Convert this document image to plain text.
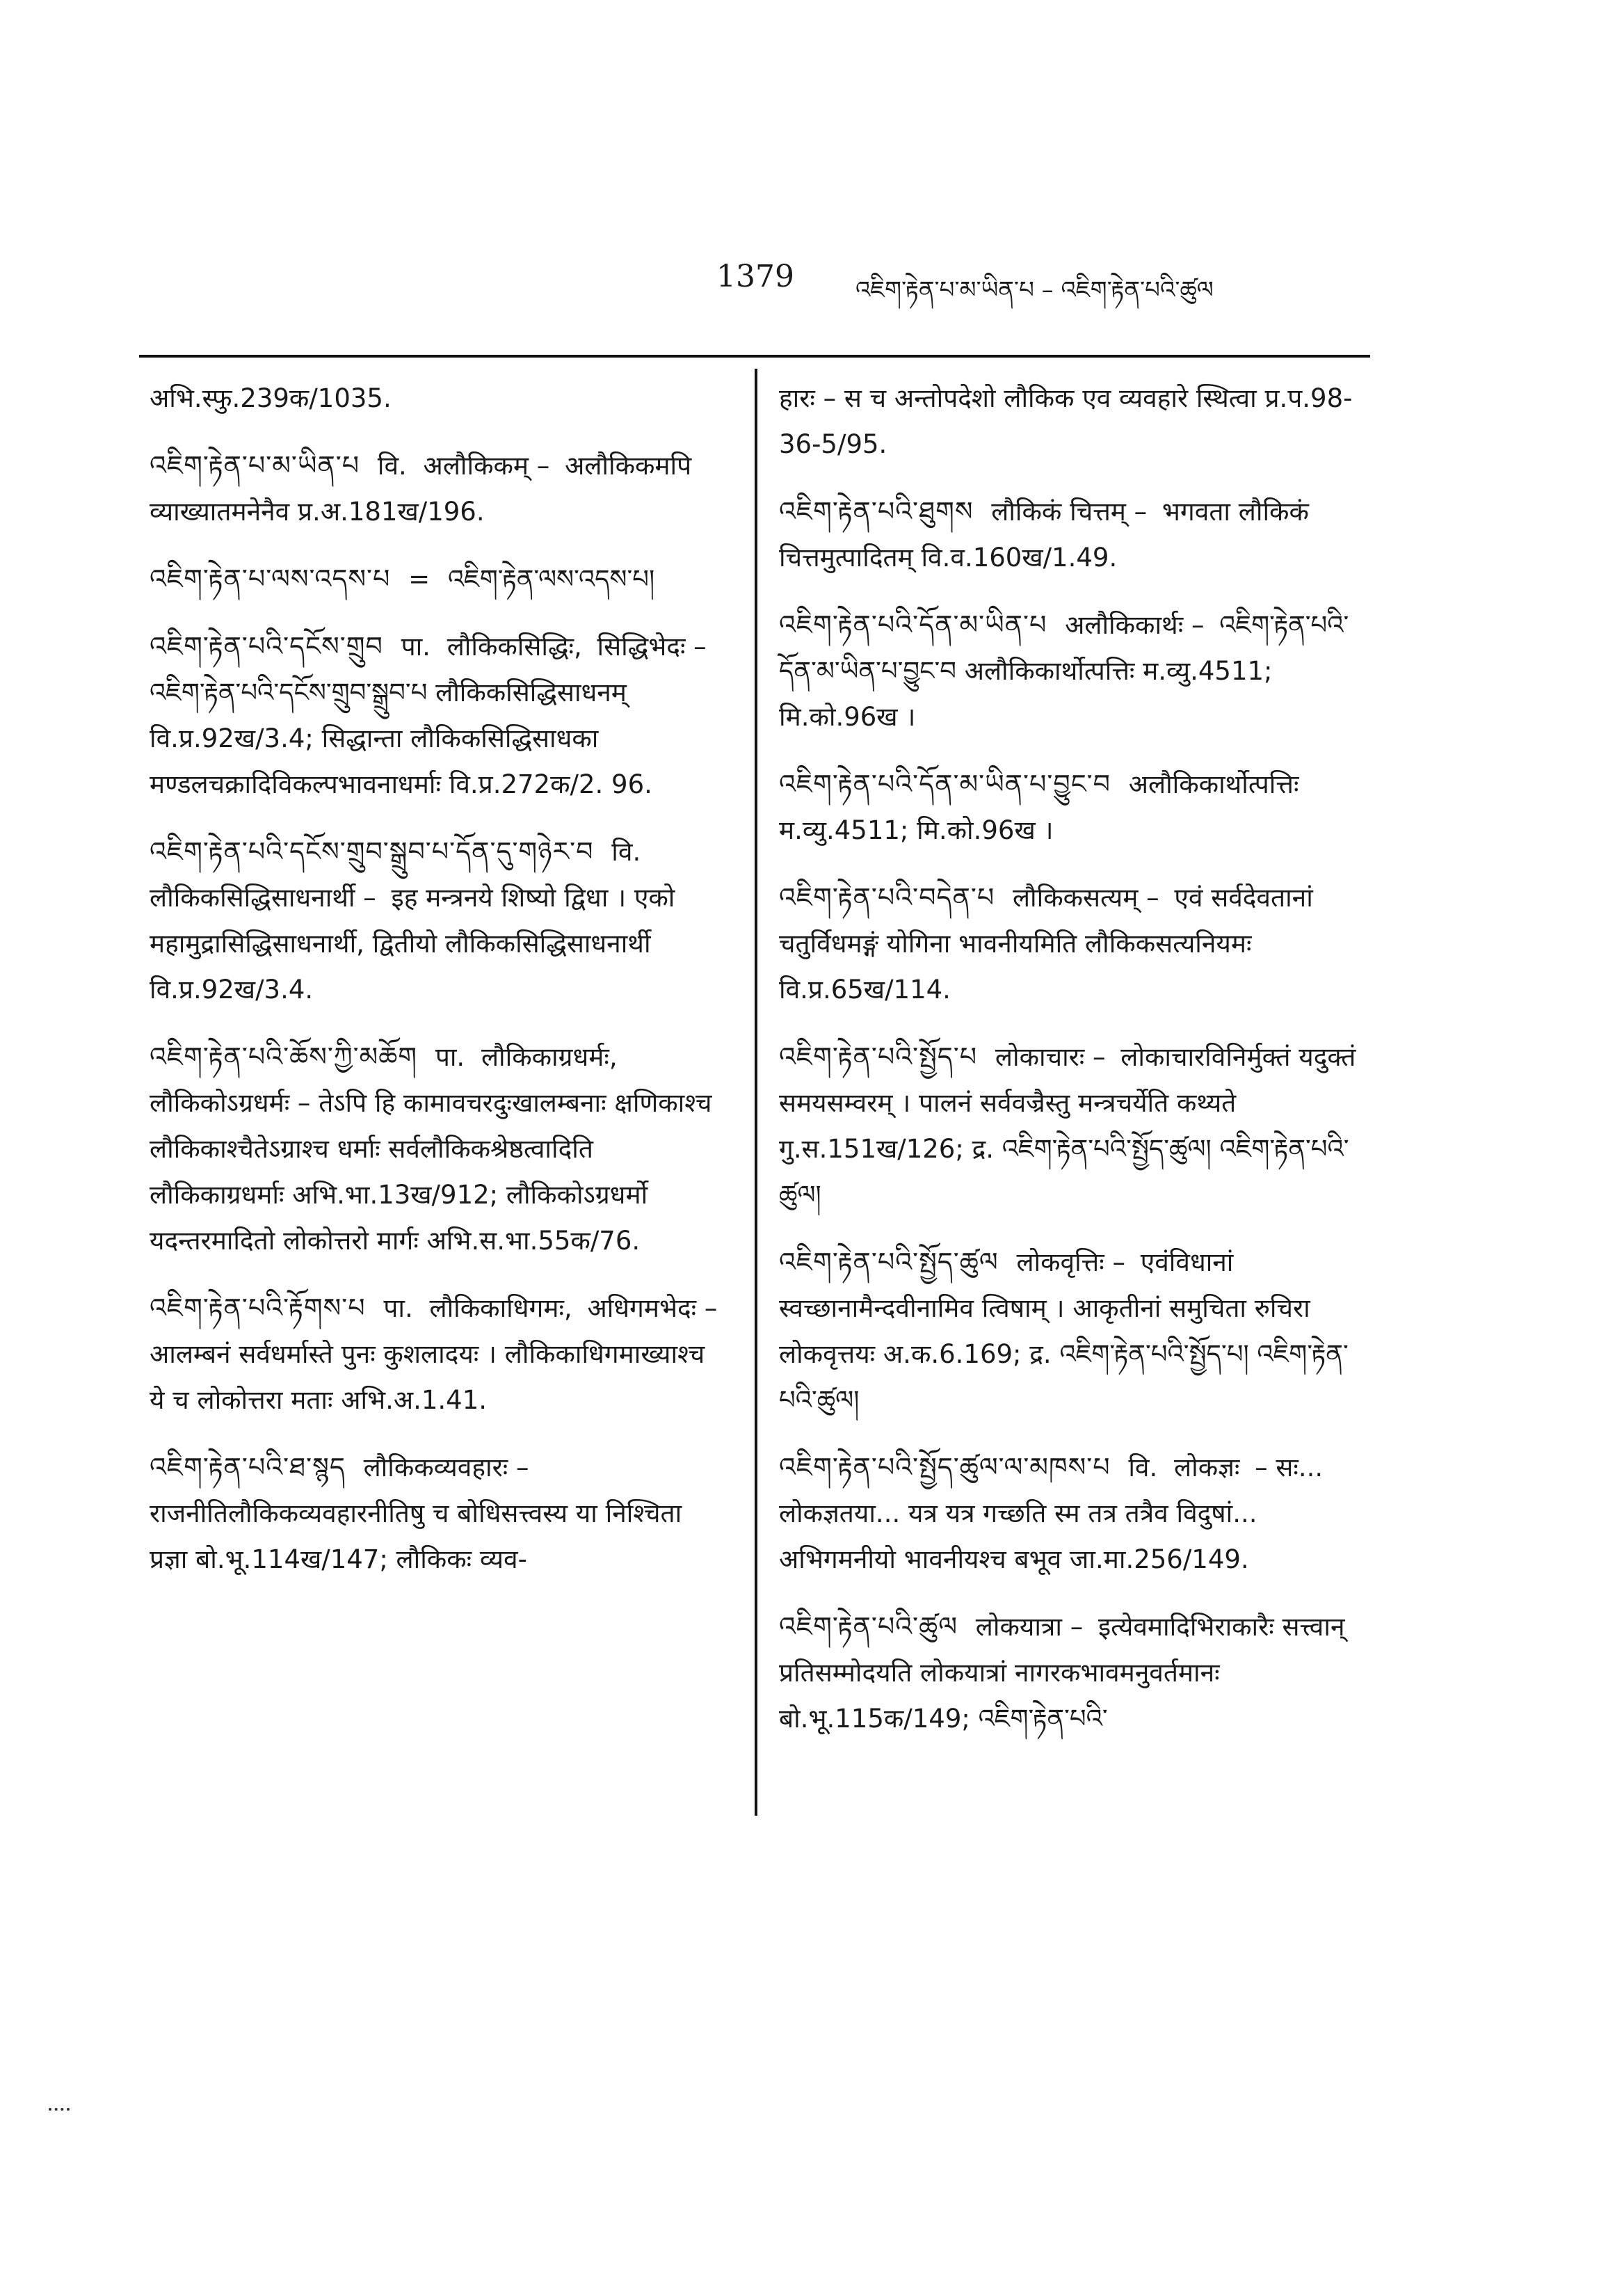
1379	འཇིག་རྟེན་པ་མ་ཡིན་པ – འཇིག་རྟེན་པའི་ཚུལ
अभि.स्फु.239क/1035.
འཇིག་རྟེན་པ་མ་ཡིན་པ वि. अलौकिकम् – अलौकिकमपि व्याख्यातमनेनैव प्र.अ.181ख/196.
འཇིག་རྟེན་པ་ལས་འདས་པ = འཇིག་རྟེན་ལས་འདས་པ།
འཇིག་རྟེན་པའི་དངོས་གྲུབ पा. लौकिकसिद्धिः, सिद्धिभेदः – འཇིག་རྟེན་པའི་དངོས་གྲུབ་སྒྲུབ་པ लौकिकसिद्धिसाधनम् वि.प्र.92ख/3.4; सिद्धान्ता लौकिकसिद्धिसाधका मण्डलचक्रादिविकल्पभावनाधर्माः वि.प्र.272क/2. 96.
འཇིག་རྟེན་པའི་དངོས་གྲུབ་སྒྲུབ་པ་དོན་དུ་གཉེར་བ वि. लौकिकसिद्धिसाधनार्थी – इह मन्त्रनये शिष्यो द्विधा । एको महामुद्रासिद्धिसाधनार्थी, द्वितीयो लौकिकसिद्धिसाधनार्थी वि.प्र.92ख/3.4.
འཇིག་རྟེན་པའི་ཆོས་ཀྱི་མཆོག पा. लौकिकाग्रधर्मः, लौकिकोऽग्रधर्मः – तेऽपि हि कामावचरदुःखालम्बनाः क्षणिकाश्च लौकिकाश्चैतेऽग्राश्च धर्माः सर्वलौकिकश्रेष्ठत्वादिति लौकिकाग्रधर्माः अभि.भा.13ख/912; लौकिकोऽग्रधर्मो यदन्तरमादितो लोकोत्तरो मार्गः अभि.स.भा.55क/76.
འཇིག་རྟེན་པའི་རྟོགས་པ पा. लौकिकाधिगमः, अधिगमभेदः – आलम्बनं सर्वधर्मास्ते पुनः कुशलादयः । लौकिकाधिगमाख्याश्च ये च लोकोत्तरा मताः अभि.अ.1.41.
འཇིག་རྟེན་པའི་ཐ་སྙད लौकिकव्यवहारः – राजनीतिलौकिकव्यवहारनीतिषु च बोधिसत्त्वस्य या निश्चिता प्रज्ञा बो.भू.114ख/147; लौकिकः व्यव-
हारः – स च अन्तोपदेशो लौकिक एव व्यवहारे स्थित्वा प्र.प.98-36-5/95.
འཇིག་རྟེན་པའི་ཐུགས लौकिकं चित्तम् – भगवता लौकिकं चित्तमुत्पादितम् वि.व.160ख/1.49.
འཇིག་རྟེན་པའི་དོན་མ་ཡིན་པ अलौकिकार्थः – འཇིག་རྟེན་པའི་དོན་མ་ཡིན་པ་བྱུང་བ अलौकिकार्थोत्पत्तिः म.व्यु.4511; मि.को.96ख ।
འཇིག་རྟེན་པའི་དོན་མ་ཡིན་པ་བྱུང་བ अलौकिकार्थोत्पत्तिः म.व्यु.4511; मि.को.96ख ।
འཇིག་རྟེན་པའི་བདེན་པ लौकिकसत्यम् – एवं सर्वदेवतानां चतुर्विधमङ्गं योगिना भावनीयमिति लौकिकसत्यनियमः वि.प्र.65ख/114.
འཇིག་རྟེན་པའི་སྤྱོད་པ लोकाचारः – लोकाचारविनिर्मुक्तं यदुक्तं समयसम्वरम् । पालनं सर्ववज्रैस्तु मन्त्रचर्येति कथ्यते गु.स.151ख/126; द्र. འཇིག་རྟེན་པའི་སྤྱོད་ཚུལ། འཇིག་རྟེན་པའི་ཚུལ།
འཇིག་རྟེན་པའི་སྤྱོད་ཚུལ लोकवृत्तिः – एवंविधानां स्वच्छानामैन्दवीनामिव त्विषाम् । आकृतीनां समुचिता रुचिरा लोकवृत्तयः अ.क.6.169; द्र. འཇིག་རྟེན་པའི་སྤྱོད་པ། འཇིག་རྟེན་པའི་ཚུལ།
འཇིག་རྟེན་པའི་སྤྱོད་ཚུལ་ལ་མཁས་པ वि. लोकज्ञः – सः... लोकज्ञतया... यत्र यत्र गच्छति स्म तत्र तत्रैव विदुषां... अभिगमनीयो भावनीयश्च बभूव जा.मा.256/149.
འཇིག་རྟེན་པའི་ཚུལ लोकयात्रा – इत्येवमादिभिराकारैः सत्त्वान् प्रतिसम्मोदयति लोकयात्रां नागरकभावमनुवर्तमानः बो.भू.115क/149; འཇིག་རྟེན་པའི་
